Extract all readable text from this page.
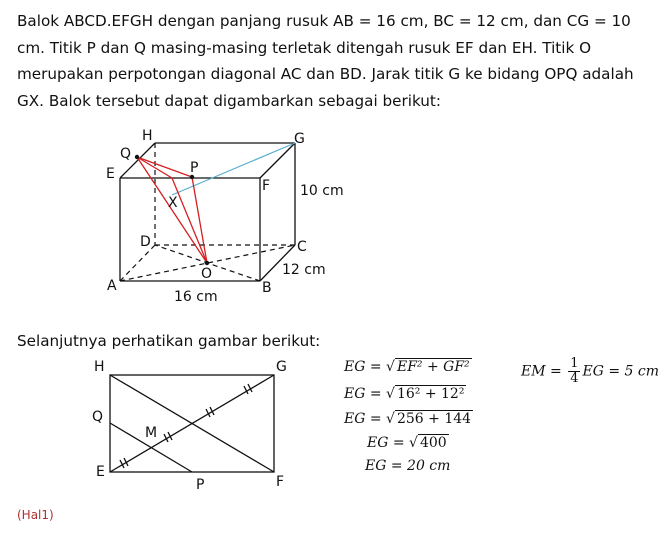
Balok ABCD.EFGH dengan panjang rusuk AB = 16 cm, BC = 12 cm, dan CG = 10 cm. Titik P dan Q masing-masing terletak ditengah rusuk EF dan EH. Titik O merupakan perpotongan diagonal AC dan BD. Jarak titik G ke bidang OPQ adalah GX. Balok tersebut dapat digambarkan sebagai berikut:

H	G
Q
P
E
F
X
D	C
O
A	B
10 cm
12 cm
16 cm
H	G
Q
M
E
P	F

Selanjutnya perhatikan gambar berikut:

EG = √ EF² + GF²
EG = √ 16² + 12²
EG = √ 256 + 144
EG = √ 400
EG = 20 cm
EM = $\frac{1}{4}$ EG = 5 cm
(Hal1)
